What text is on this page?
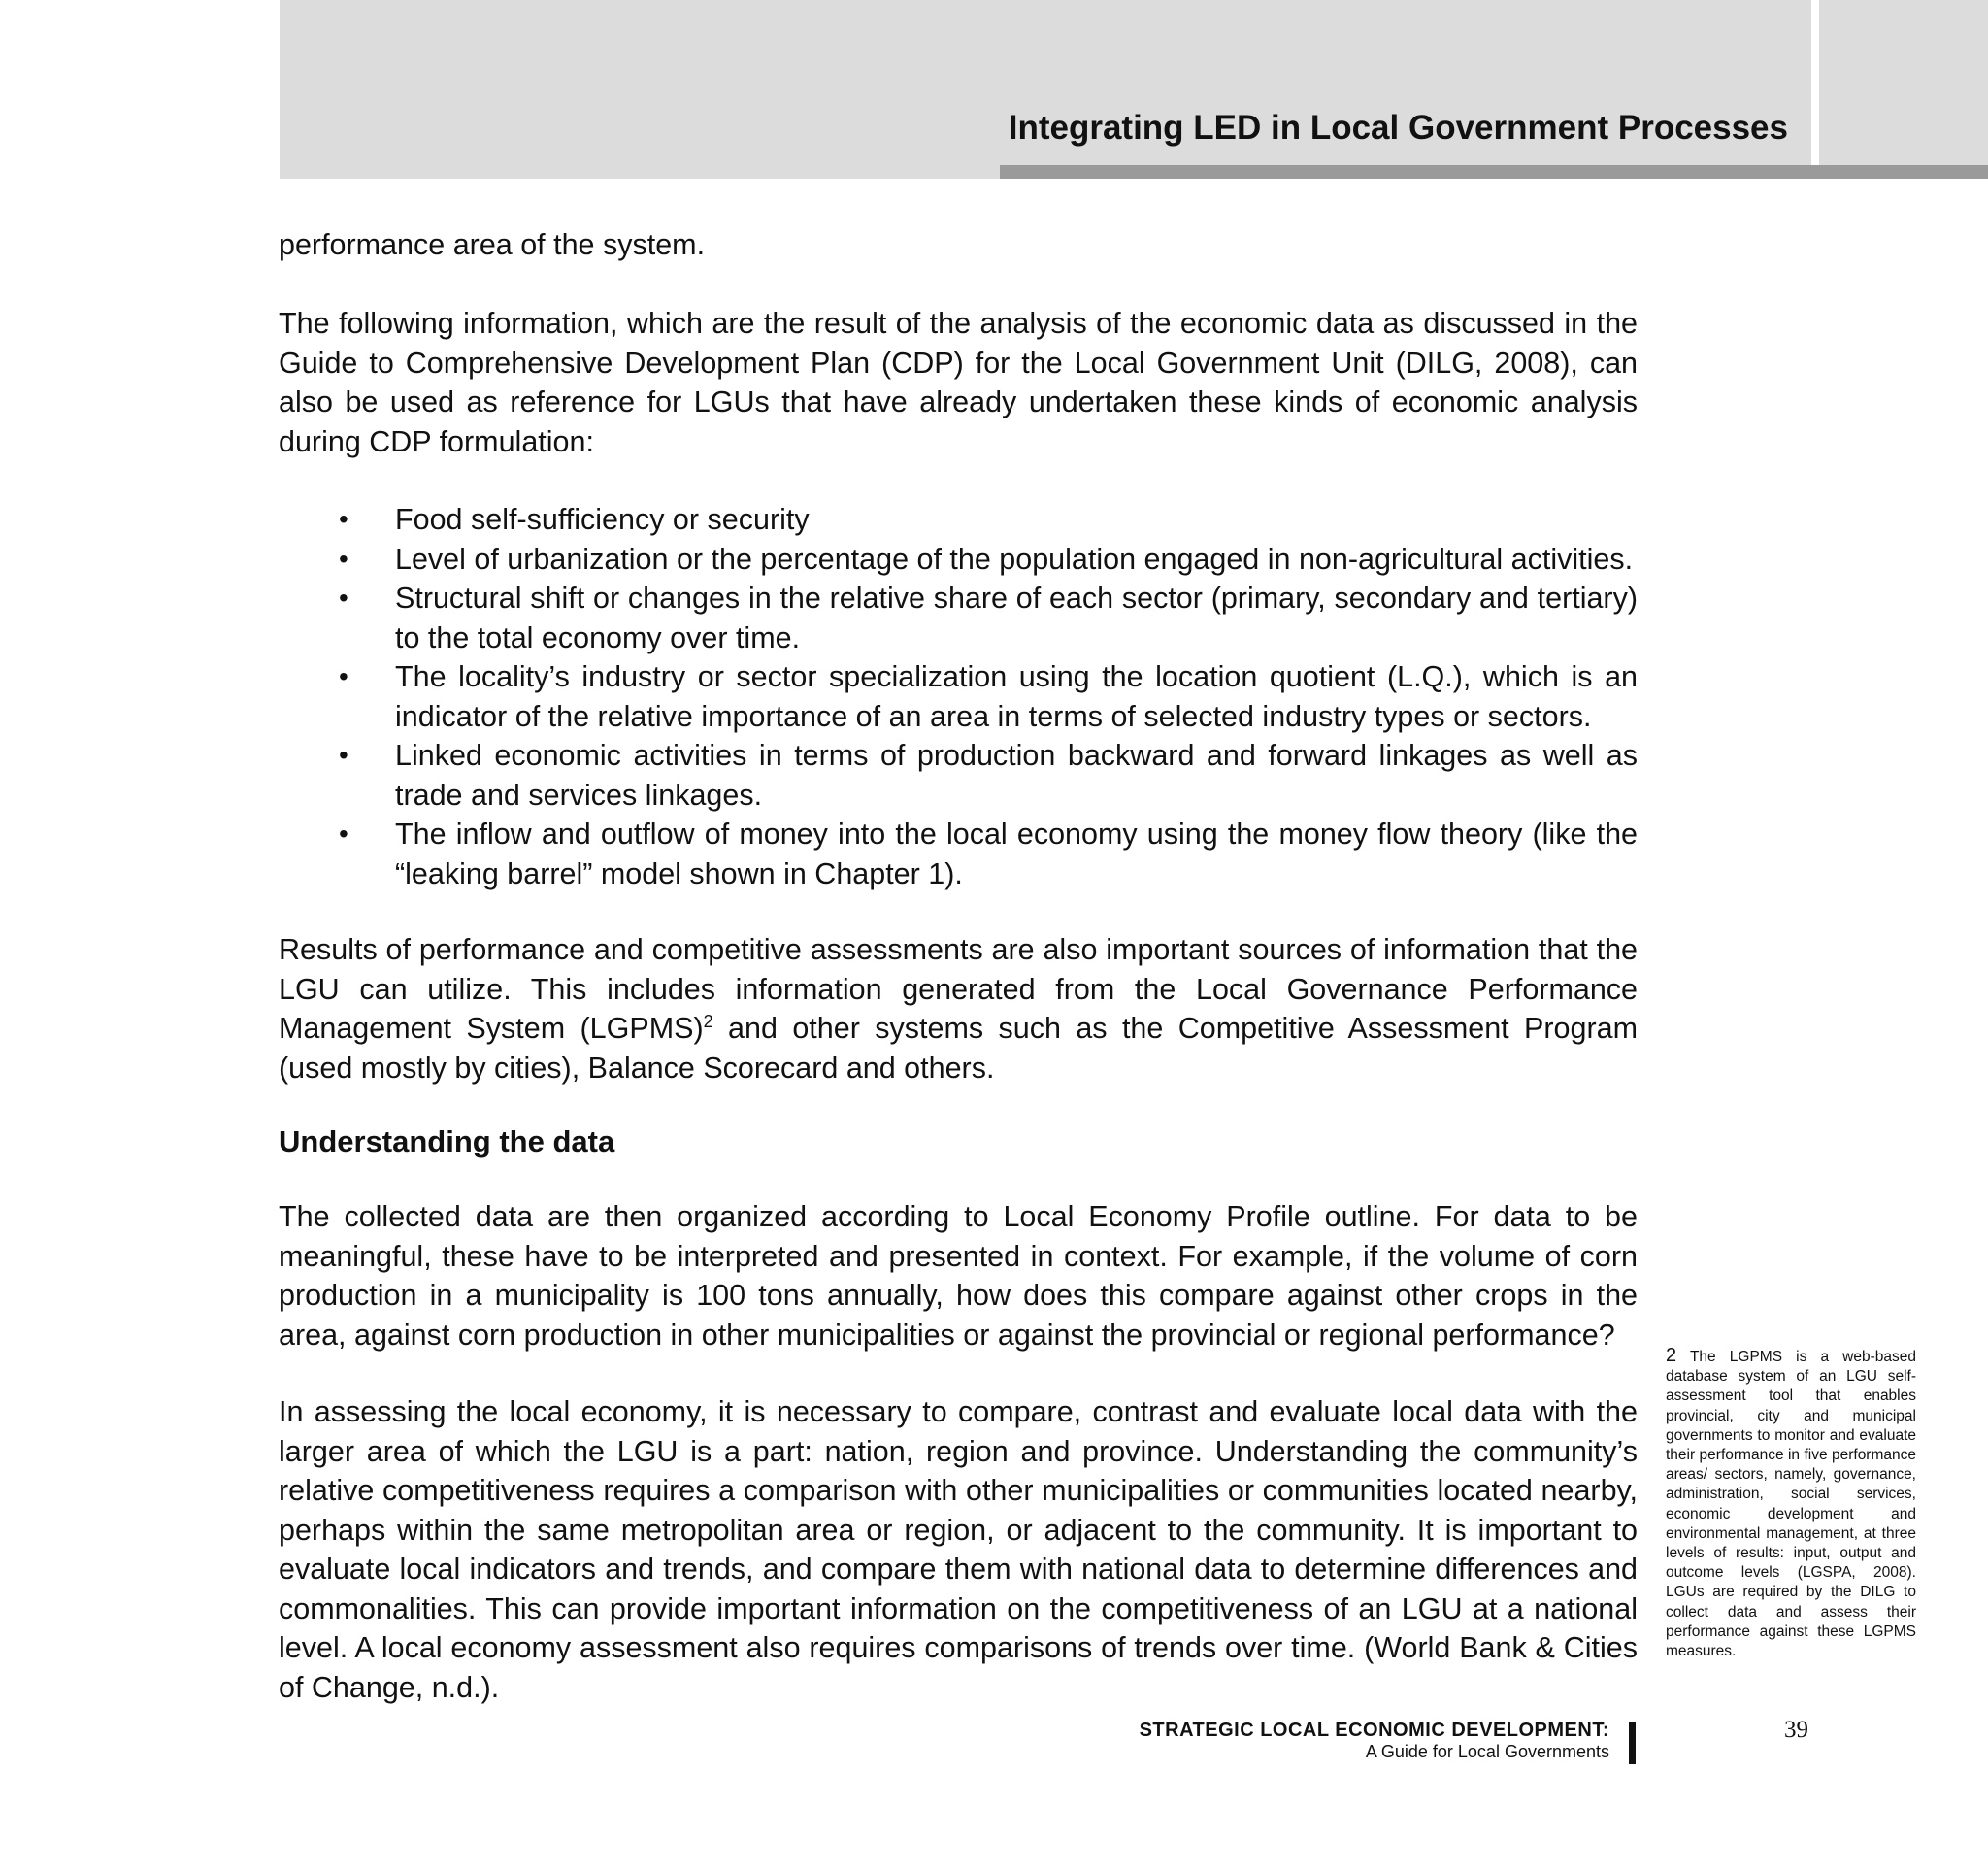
Integrating LED in Local Government Processes

performance area of the system.

The following information, which are the result of the analysis of the economic data as discussed in the Guide to Comprehensive Development Plan (CDP) for the Local Government Unit (DILG, 2008), can also be used as reference for LGUs that have already undertaken these kinds of economic analysis during CDP formulation:

• Food self-sufficiency or security
• Level of urbanization or the percentage of the population engaged in non-agricultural activities.
• Structural shift or changes in the relative share of each sector (primary, secondary and tertiary) to the total economy over time.
• The locality’s industry or sector specialization using the location quotient (L.Q.), which is an indicator of the relative importance of an area in terms of selected industry types or sectors.
• Linked economic activities in terms of production backward and forward linkages as well as trade and services linkages.
• The inflow and outflow of money into the local economy using the money flow theory (like the “leaking barrel” model shown in Chapter 1).

Results of performance and competitive assessments are also important sources of information that the LGU can utilize. This includes information generated from the Local Governance Performance Management System (LGPMS)$^2$ and other systems such as the Competitive Assessment Program (used mostly by cities), Balance Scorecard and others.

Understanding the data

The collected data are then organized according to Local Economy Profile outline. For data to be meaningful, these have to be interpreted and presented in context. For example, if the volume of corn production in a municipality is 100 tons annually, how does this compare against other crops in the area, against corn production in other municipalities or against the provincial or regional performance?

In assessing the local economy, it is necessary to compare, contrast and evaluate local data with the larger area of which the LGU is a part: nation, region and province. Understanding the community’s relative competitiveness requires a comparison with other municipalities or communities located nearby, perhaps within the same metropolitan area or region, or adjacent to the community. It is important to evaluate local indicators and trends, and compare them with national data to determine differences and commonalities. This can provide important information on the competitiveness of an LGU at a national level. A local economy assessment also requires comparisons of trends over time. (World Bank & Cities of Change, n.d.).

2 The LGPMS is a web-based database system of an LGU self-assessment tool that enables provincial, city and municipal governments to monitor and evaluate their performance in five performance areas/ sectors, namely, governance, administration, social services, economic development and environmental management, at three levels of results: input, output and outcome levels (LGSPA, 2008). LGUs are required by the DILG to collect data and assess their performance against these LGPMS measures.
STRATEGIC LOCAL ECONOMIC DEVELOPMENT:
A Guide for Local Governments
39
